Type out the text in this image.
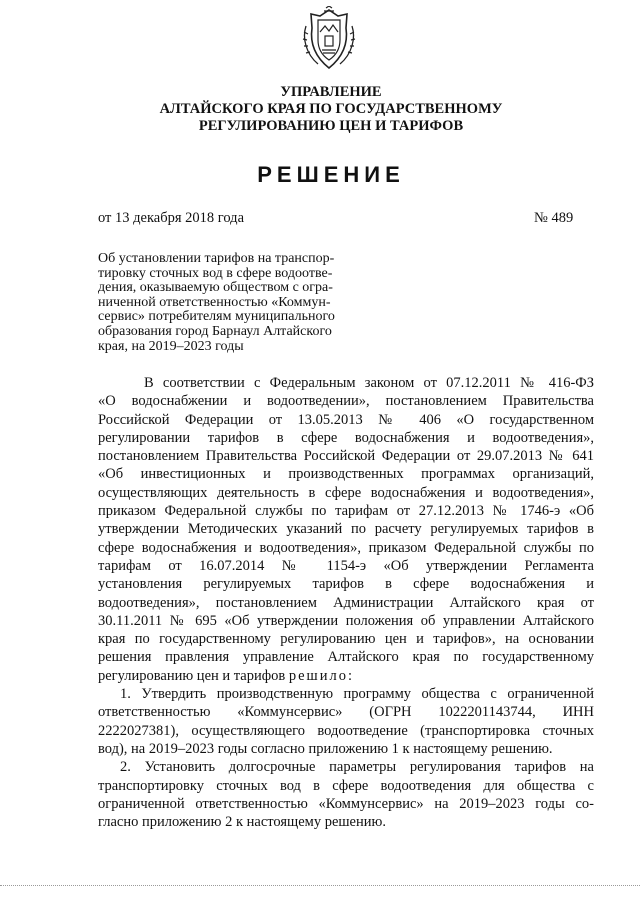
УПРАВЛЕНИЕ
АЛТАЙСКОГО КРАЯ ПО ГОСУДАРСТВЕННОМУ
РЕГУЛИРОВАНИЮ ЦЕН И ТАРИФОВ
РЕШЕНИЕ
от 13 декабря 2018 года	№ 489
Об установлении тарифов на транспор-
тировку сточных вод в сфере водоотве-
дения, оказываемую обществом с огра-
ниченной ответственностью «Коммун-
сервис» потребителям муниципального
образования город Барнаул Алтайского
края, на 2019–2023 годы
В соответствии с Федеральным законом от 07.12.2011 № 416-ФЗ
«О водоснабжении и водоотведении», постановлением Правительства
Российской Федерации от 13.05.2013 № 406 «О государственном
регулировании тарифов в сфере водоснабжения и водоотведения»,
постановлением Правительства Российской Федерации от 29.07.2013 № 641
«Об инвестиционных и производственных программах организаций,
осуществляющих деятельность в сфере водоснабжения и водоотведения»,
приказом Федеральной службы по тарифам от 27.12.2013 № 1746-э «Об
утверждении Методических указаний по расчету регулируемых тарифов в
сфере водоснабжения и водоотведения», приказом Федеральной службы по
тарифам от 16.07.2014 № 1154-э «Об утверждении Регламента
установления регулируемых тарифов в сфере водоснабжения и
водоотведения», постановлением Администрации Алтайского края от
30.11.2011 № 695 «Об утверждении положения об управлении Алтайского
края по государственному регулированию цен и тарифов», на основании
решения правления управление Алтайского края по государственному
регулированию цен и тарифов решило:
1. Утвердить производственную программу общества с ограниченной
ответственностью «Коммунсервис» (ОГРН 1022201143744, ИНН
2222027381), осуществляющего водоотведение (транспортировка сточных
вод), на 2019–2023 годы согласно приложению 1 к настоящему решению.
2. Установить долгосрочные параметры регулирования тарифов на
транспортировку сточных вод в сфере водоотведения для общества с
ограниченной ответственностью «Коммунсервис» на 2019–2023 годы со-
гласно приложению 2 к настоящему решению.
